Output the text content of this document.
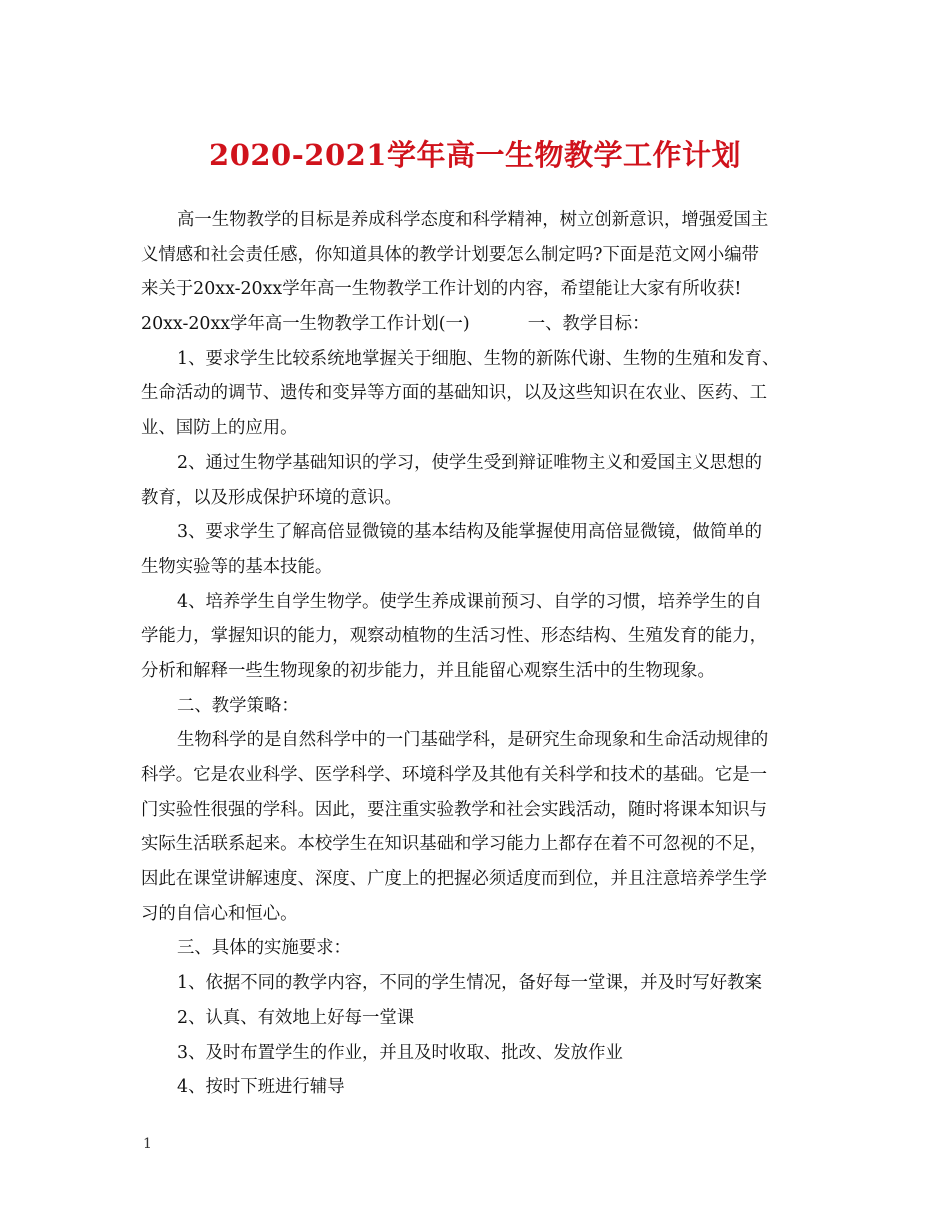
2020-2021学年高一生物教学工作计划
高一生物教学的目标是养成科学态度和科学精神，树立创新意识，增强爱国主
义情感和社会责任感，你知道具体的教学计划要怎么制定吗?下面是范文网小编带
来关于20xx-20xx学年高一生物教学工作计划的内容，希望能让大家有所收获!
20xx-20xx学年高一生物教学工作计划(一)	一、教学目标：
1、要求学生比较系统地掌握关于细胞、生物的新陈代谢、生物的生殖和发育、
生命活动的调节、遗传和变异等方面的基础知识，以及这些知识在农业、医药、工
业、国防上的应用。
2、通过生物学基础知识的学习，使学生受到辩证唯物主义和爱国主义思想的
教育，以及形成保护环境的意识。
3、要求学生了解高倍显微镜的基本结构及能掌握使用高倍显微镜，做简单的
生物实验等的基本技能。
4、培养学生自学生物学。使学生养成课前预习、自学的习惯，培养学生的自
学能力，掌握知识的能力，观察动植物的生活习性、形态结构、生殖发育的能力，
分析和解释一些生物现象的初步能力，并且能留心观察生活中的生物现象。
二、教学策略：
生物科学的是自然科学中的一门基础学科，是研究生命现象和生命活动规律的
科学。它是农业科学、医学科学、环境科学及其他有关科学和技术的基础。它是一
门实验性很强的学科。因此，要注重实验教学和社会实践活动，随时将课本知识与
实际生活联系起来。本校学生在知识基础和学习能力上都存在着不可忽视的不足，
因此在课堂讲解速度、深度、广度上的把握必须适度而到位，并且注意培养学生学
习的自信心和恒心。
三、具体的实施要求：
1、依据不同的教学内容，不同的学生情况，备好每一堂课，并及时写好教案
2、认真、有效地上好每一堂课
3、及时布置学生的作业，并且及时收取、批改、发放作业
4、按时下班进行辅导
1
